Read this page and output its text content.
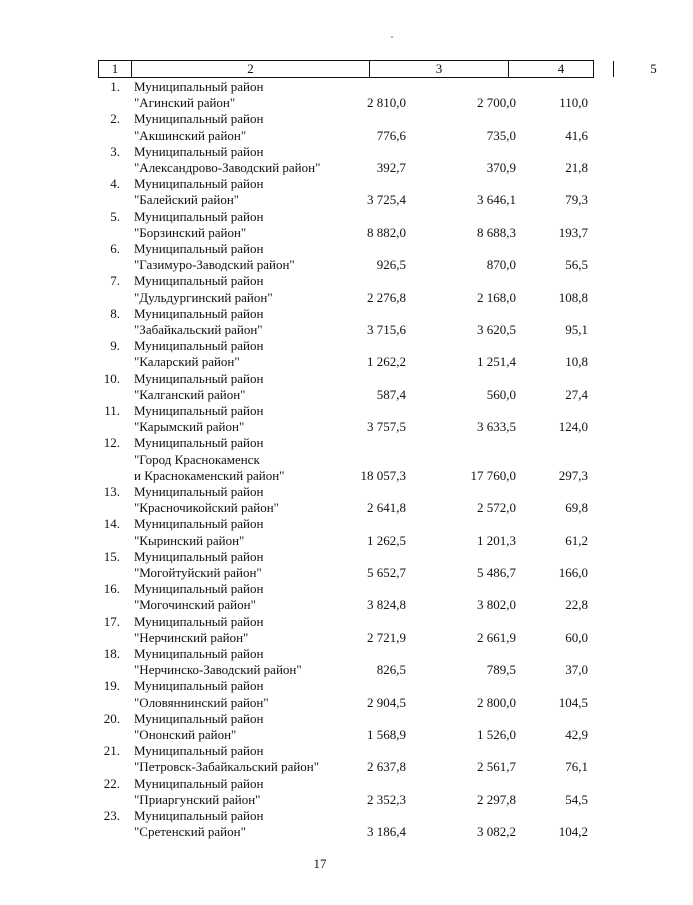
1	2	3	4	5
1. Муниципальный район
"Агинский район"	2 810,0	2 700,0	110,0
2. Муниципальный район
"Акшинский район"	776,6	735,0	41,6
3. Муниципальный район
"Александрово-Заводский район"	392,7	370,9	21,8
4. Муниципальный район
"Балейский район"	3 725,4	3 646,1	79,3
5. Муниципальный район
"Борзинский район"	8 882,0	8 688,3	193,7
6. Муниципальный район
"Газимуро-Заводский район"	926,5	870,0	56,5
7. Муниципальный район
"Дульдургинский район"	2 276,8	2 168,0	108,8
8. Муниципальный район
"Забайкальский район"	3 715,6	3 620,5	95,1
9. Муниципальный район
"Каларский район"	1 262,2	1 251,4	10,8
10. Муниципальный район
"Калганский район"	587,4	560,0	27,4
11. Муниципальный район
"Карымский район"	3 757,5	3 633,5	124,0
12. Муниципальный район
"Город Краснокаменск
и Краснокаменский район"	18 057,3	17 760,0	297,3
13. Муниципальный район
"Красночикойский район"	2 641,8	2 572,0	69,8
14. Муниципальный район
"Кыринский район"	1 262,5	1 201,3	61,2
15. Муниципальный район
"Могойтуйский район"	5 652,7	5 486,7	166,0
16. Муниципальный район
"Могочинский район"	3 824,8	3 802,0	22,8
17. Муниципальный район
"Нерчинский район"	2 721,9	2 661,9	60,0
18. Муниципальный район
"Нерчинско-Заводский район"	826,5	789,5	37,0
19. Муниципальный район
"Оловяннинский район"	2 904,5	2 800,0	104,5
20. Муниципальный район
"Ононский район"	1 568,9	1 526,0	42,9
21. Муниципальный район
"Петровск-Забайкальский район"	2 637,8	2 561,7	76,1
22. Муниципальный район
"Приаргунский район"	2 352,3	2 297,8	54,5
23. Муниципальный район
"Сретенский район"	3 186,4	3 082,2	104,2
17
